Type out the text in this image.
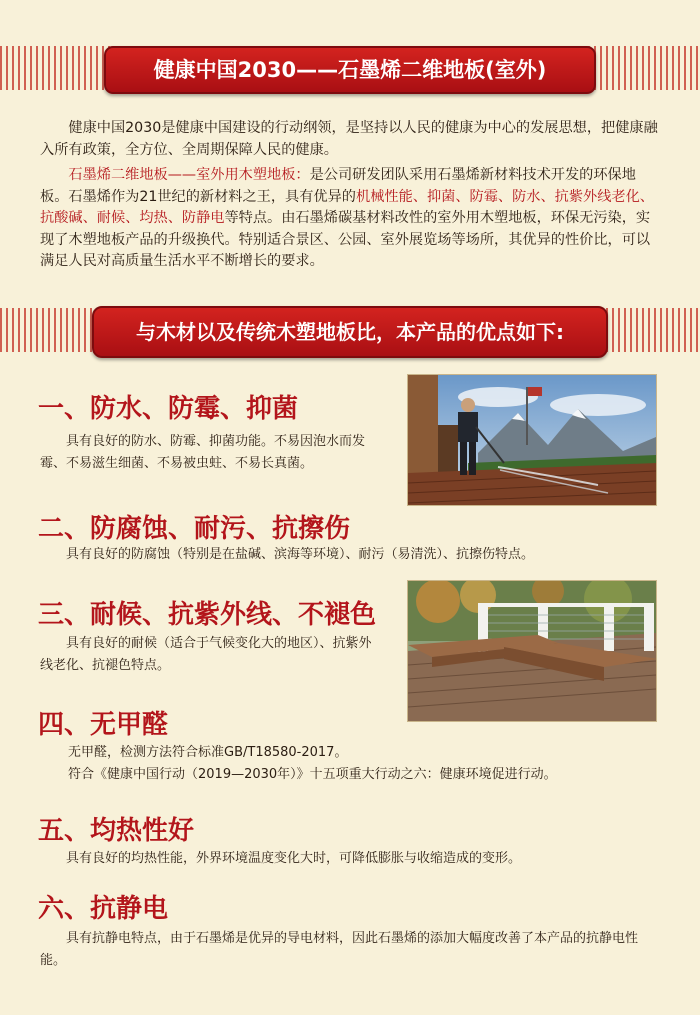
健康中国2030——石墨烯二维地板(室外)

健康中国2030是健康中国建设的行动纲领，是坚持以人民的健康为中心的发展思想，把健康融入所有政策，全方位、全周期保障人民的健康。

石墨烯二维地板——室外用木塑地板：是公司研发团队采用石墨烯新材料技术开发的环保地板。石墨烯作为21世纪的新材料之王，具有优异的机械性能、抑菌、防霉、防水、抗紫外线老化、抗酸碱、耐候、均热、防静电等特点。由石墨烯碳基材料改性的室外用木塑地板，环保无污染，实现了木塑地板产品的升级换代。特别适合景区、公园、室外展览场等场所，其优异的性价比，可以满足人民对高质量生活水平不断增长的要求。

与木材以及传统木塑地板比，本产品的优点如下:
一、防水、防霉、抑菌

具有良好的防水、防霉、抑菌功能。不易因泡水而发霉、不易滋生细菌、不易被虫蛀、不易长真菌。

二、防腐蚀、耐污、抗擦伤

具有良好的防腐蚀（特别是在盐碱、滨海等环境）、耐污（易清洗）、抗擦伤特点。

三、耐候、抗紫外线、不褪色

具有良好的耐候（适合于气候变化大的地区）、抗紫外线老化、抗褪色特点。

四、无甲醛

无甲醛，检测方法符合标准GB/T18580-2017。

符合《健康中国行动（2019—2030年）》十五项重大行动之六：健康环境促进行动。

五、均热性好

具有良好的均热性能，外界环境温度变化大时，可降低膨胀与收缩造成的变形。

六、抗静电

具有抗静电特点，由于石墨烯是优异的导电材料，因此石墨烯的添加大幅度改善了本产品的抗静电性能。
